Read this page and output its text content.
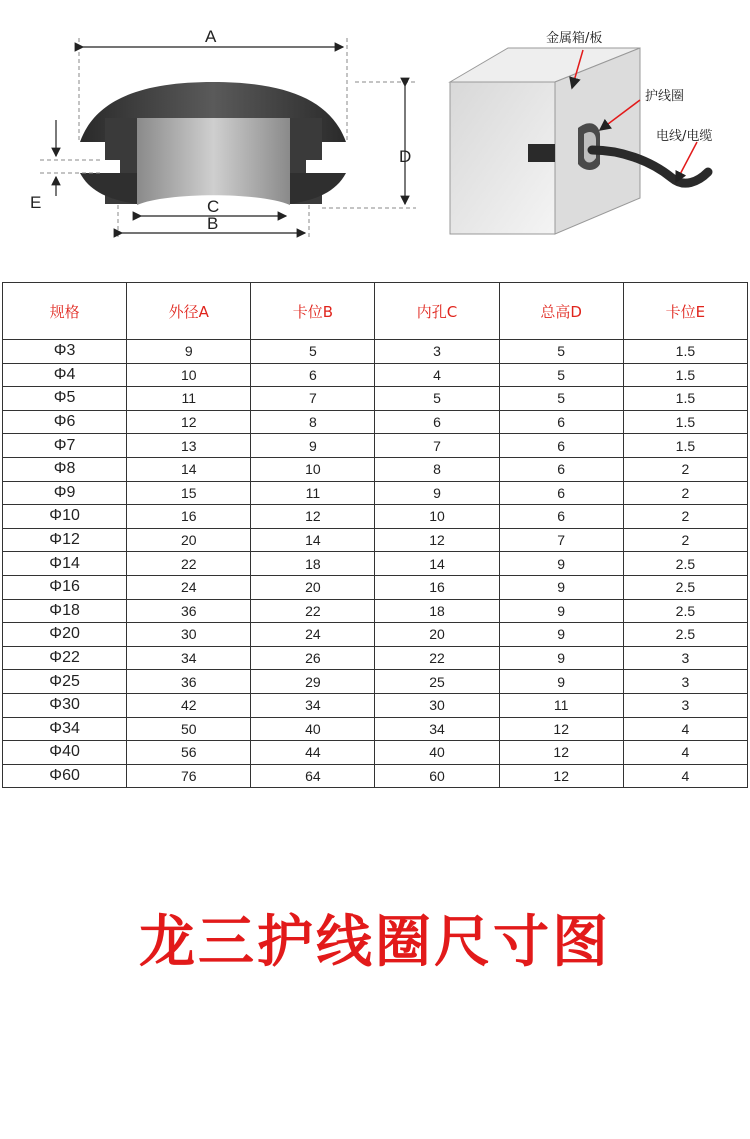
A
D
C
B
E
金属箱/板
护线圈
电线/电缆
规格	外径A	卡位B	内孔C	总高D	卡位E
Φ3	9	5	3	5	1.5
Φ4	10	6	4	5	1.5
Φ5	11	7	5	5	1.5
Φ6	12	8	6	6	1.5
Φ7	13	9	7	6	1.5
Φ8	14	10	8	6	2
Φ9	15	11	9	6	2
Φ10	16	12	10	6	2
Φ12	20	14	12	7	2
Φ14	22	18	14	9	2.5
Φ16	24	20	16	9	2.5
Φ18	36	22	18	9	2.5
Φ20	30	24	20	9	2.5
Φ22	34	26	22	9	3
Φ25	36	29	25	9	3
Φ30	42	34	30	11	3
Φ34	50	40	34	12	4
Φ40	56	44	40	12	4
Φ60	76	64	60	12	4
龙三护线圈尺寸图
